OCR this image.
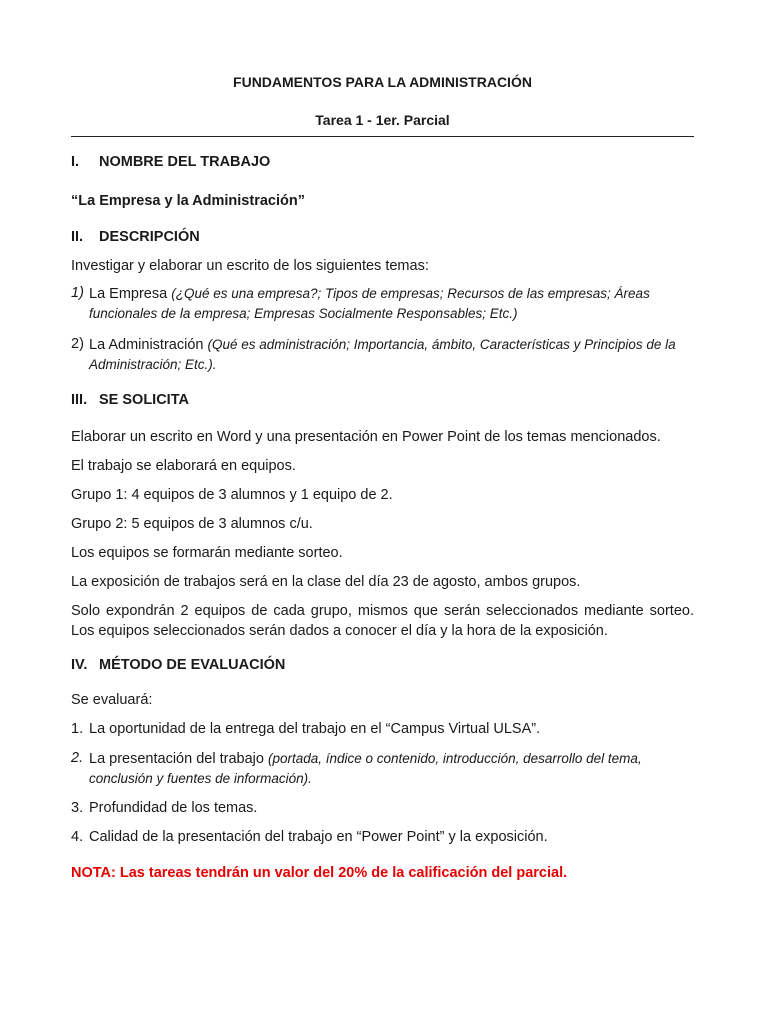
FUNDAMENTOS PARA LA ADMINISTRACIÓN

Tarea 1 - 1er. Parcial

I.	NOMBRE DEL TRABAJO

“La Empresa y la Administración”

II.	DESCRIPCIÓN

Investigar y elaborar un escrito de los siguientes temas:

1) La Empresa (¿Qué es una empresa?; Tipos de empresas; Recursos de las empresas; Áreas funcionales de la empresa; Empresas Socialmente Responsables; Etc.)
2) La Administración (Qué es administración; Importancia, ámbito, Características y Principios de la Administración; Etc.).
III. SE SOLICITA

Elaborar un escrito en Word y una presentación en Power Point de los temas mencionados.

El trabajo se elaborará en equipos.

Grupo 1: 4 equipos de 3 alumnos y 1 equipo de 2.

Grupo 2: 5 equipos de 3 alumnos c/u.

Los equipos se formarán mediante sorteo.

La exposición de trabajos será en la clase del día 23 de agosto, ambos grupos.

Solo expondrán 2 equipos de cada grupo, mismos que serán seleccionados mediante sorteo. Los equipos seleccionados serán dados a conocer el día y la hora de la exposición.

IV. MÉTODO DE EVALUACIÓN

Se evaluará:

1. La oportunidad de la entrega del trabajo en el “Campus Virtual ULSA”.
2. La presentación del trabajo (portada, índice o contenido, introducción, desarrollo del tema, conclusión y fuentes de información).
3. Profundidad de los temas.
4. Calidad de la presentación del trabajo en “Power Point” y la exposición.

NOTA: Las tareas tendrán un valor del 20% de la calificación del parcial.
